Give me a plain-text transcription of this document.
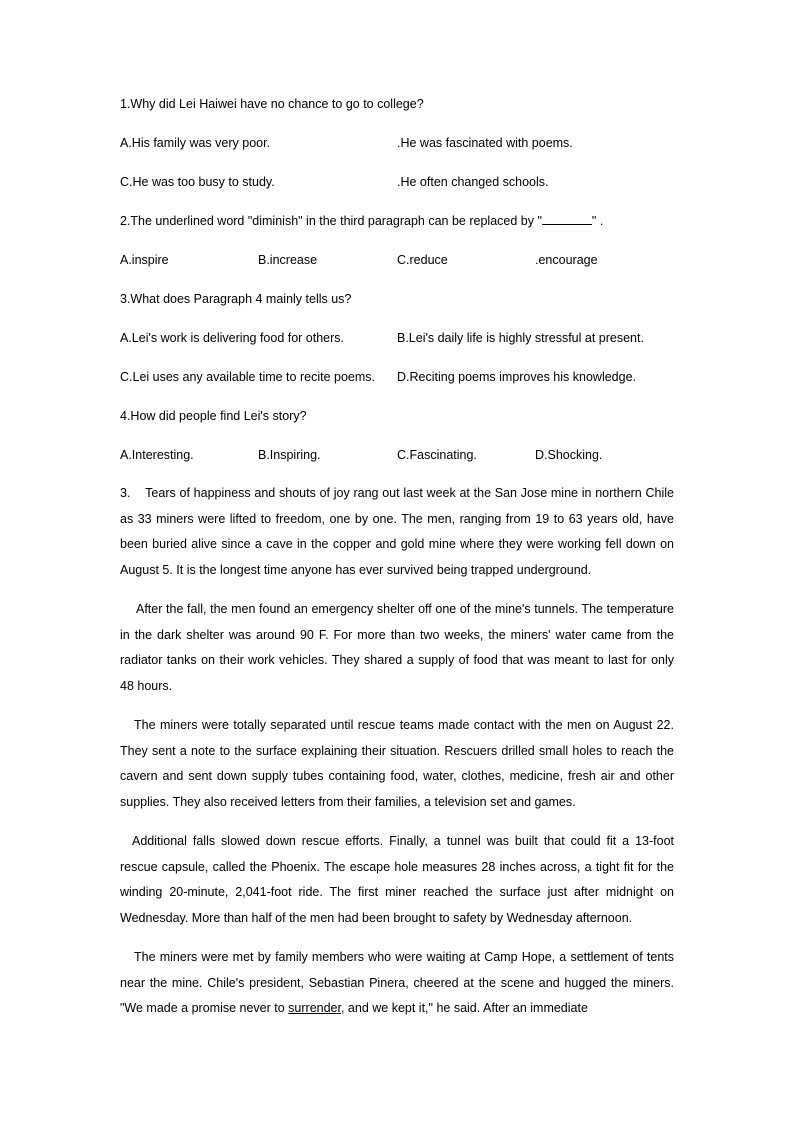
1.Why did Lei Haiwei have no chance to go to college?
A.His family was very poor.	.He was fascinated with poems.
C.He was too busy to study.	.He often changed schools.
2.The underlined word "diminish" in the third paragraph can be replaced by "	" .
A.inspire	B.increase	C.reduce	.encourage
3.What does Paragraph 4 mainly tells us?
A.Lei's work is delivering food for others.	B.Lei's daily life is highly stressful at present.
C.Lei uses any available time to recite poems. D.Reciting poems improves his knowledge.
4.How did people find Lei's story?
A.Interesting.	B.Inspiring.	C.Fascinating.	D.Shocking.

3.    Tears of happiness and shouts of joy rang out last week at the San Jose mine in northern Chile as 33 miners were lifted to freedom, one by one. The men, ranging from 19 to 63 years old, have been buried alive since a cave in the copper and gold mine where they were working fell down on August 5. It is the longest time anyone has ever survived being trapped underground.

After the fall, the men found an emergency shelter off one of the mine's tunnels. The temperature in the dark shelter was around 90 F. For more than two weeks, the miners' water came from the radiator tanks on their work vehicles. They shared a supply of food that was meant to last for only 48 hours.

The miners were totally separated until rescue teams made contact with the men on August 22. They sent a note to the surface explaining their situation. Rescuers drilled small holes to reach the cavern and sent down supply tubes containing food, water, clothes, medicine, fresh air and other supplies. They also received letters from their families, a television set and games.

Additional falls slowed down rescue efforts. Finally, a tunnel was built that could fit a 13-foot rescue capsule, called the Phoenix. The escape hole measures 28 inches across, a tight fit for the winding 20-minute, 2,041-foot ride. The first miner reached the surface just after midnight on Wednesday. More than half of the men had been brought to safety by Wednesday afternoon.

The miners were met by family members who were waiting at Camp Hope, a settlement of tents near the mine. Chile's president, Sebastian Pinera, cheered at the scene and hugged the miners. "We made a promise never to surrender, and we kept it," he said. After an immediate
